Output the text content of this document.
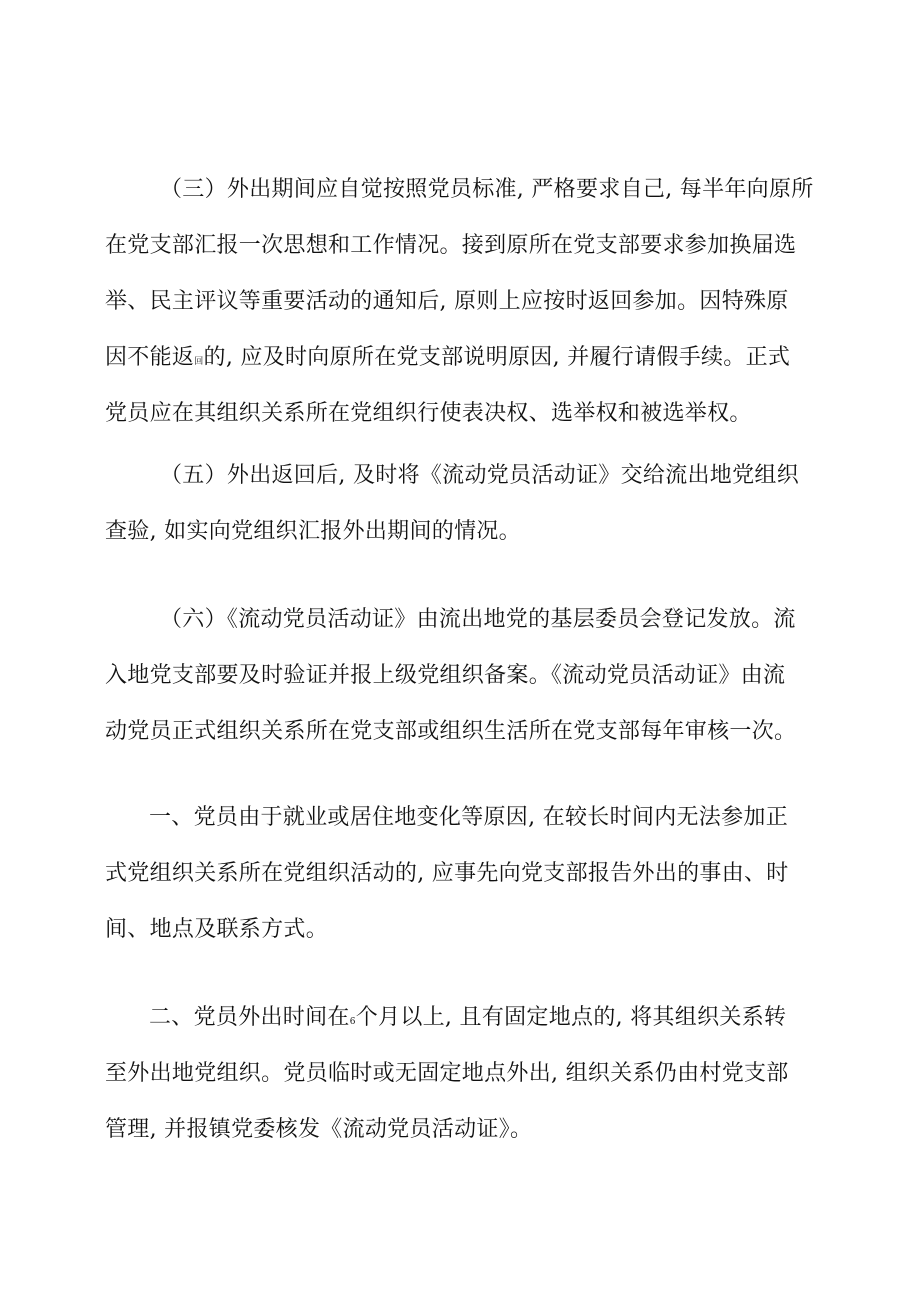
（三）外出期间应自觉按照党员标准, 严格要求自己, 每半年向原所
在党支部汇报一次思想和工作情况。接到原所在党支部要求参加换届选
举、民主评议等重要活动的通知后, 原则上应按时返回参加。因特殊原
因不能返回的, 应及时向原所在党支部说明原因, 并履行请假手续。正式
党员应在其组织关系所在党组织行使表决权、选举权和被选举权。

（五）外出返回后, 及时将《流动党员活动证》交给流出地党组织
查验, 如实向党组织汇报外出期间的情况。

（六）《流动党员活动证》由流出地党的基层委员会登记发放。流
入地党支部要及时验证并报上级党组织备案。《流动党员活动证》由流
动党员正式组织关系所在党支部或组织生活所在党支部每年审核一次。

一、党员由于就业或居住地变化等原因, 在较长时间内无法参加正
式党组织关系所在党组织活动的, 应事先向党支部报告外出的事由、时
间、地点及联系方式。

二、党员外出时间在6个月以上, 且有固定地点的, 将其组织关系转
至外出地党组织。党员临时或无固定地点外出, 组织关系仍由村党支部
管理, 并报镇党委核发《流动党员活动证》。
